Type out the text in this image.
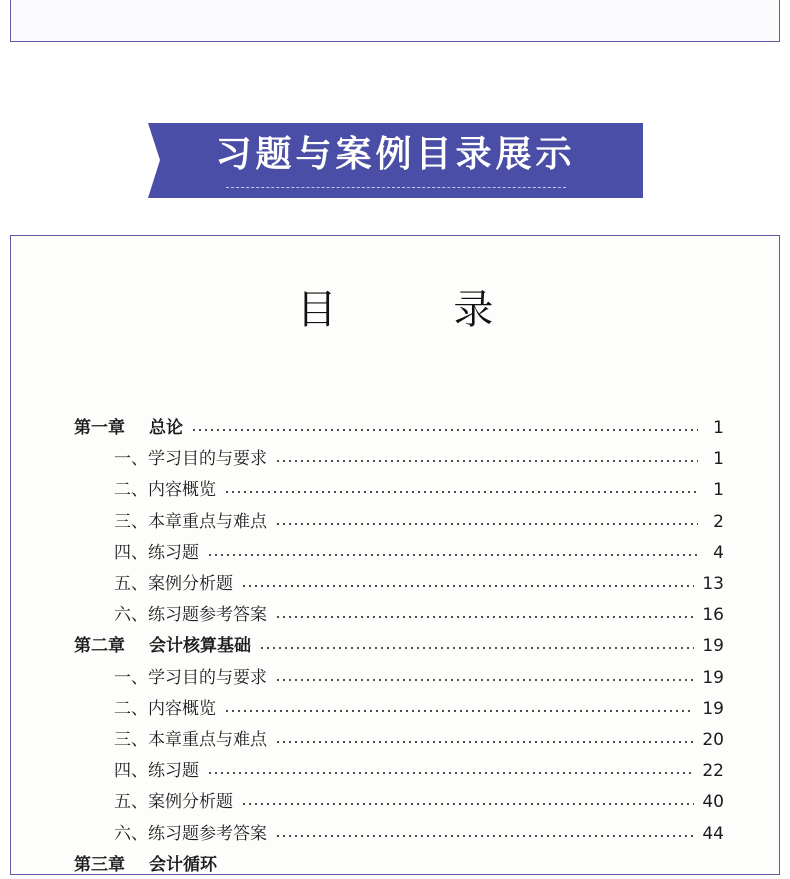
习题与案例目录展示
目 录
第一章 总论	1
一、学习目的与要求	1
二、内容概览	1
三、本章重点与难点	2
四、练习题	4
五、案例分析题	13
六、练习题参考答案	16
第二章 会计核算基础	19
一、学习目的与要求	19
二、内容概览	19
三、本章重点与难点	20
四、练习题	22
五、案例分析题	40
六、练习题参考答案	44
第三章 会计循环
